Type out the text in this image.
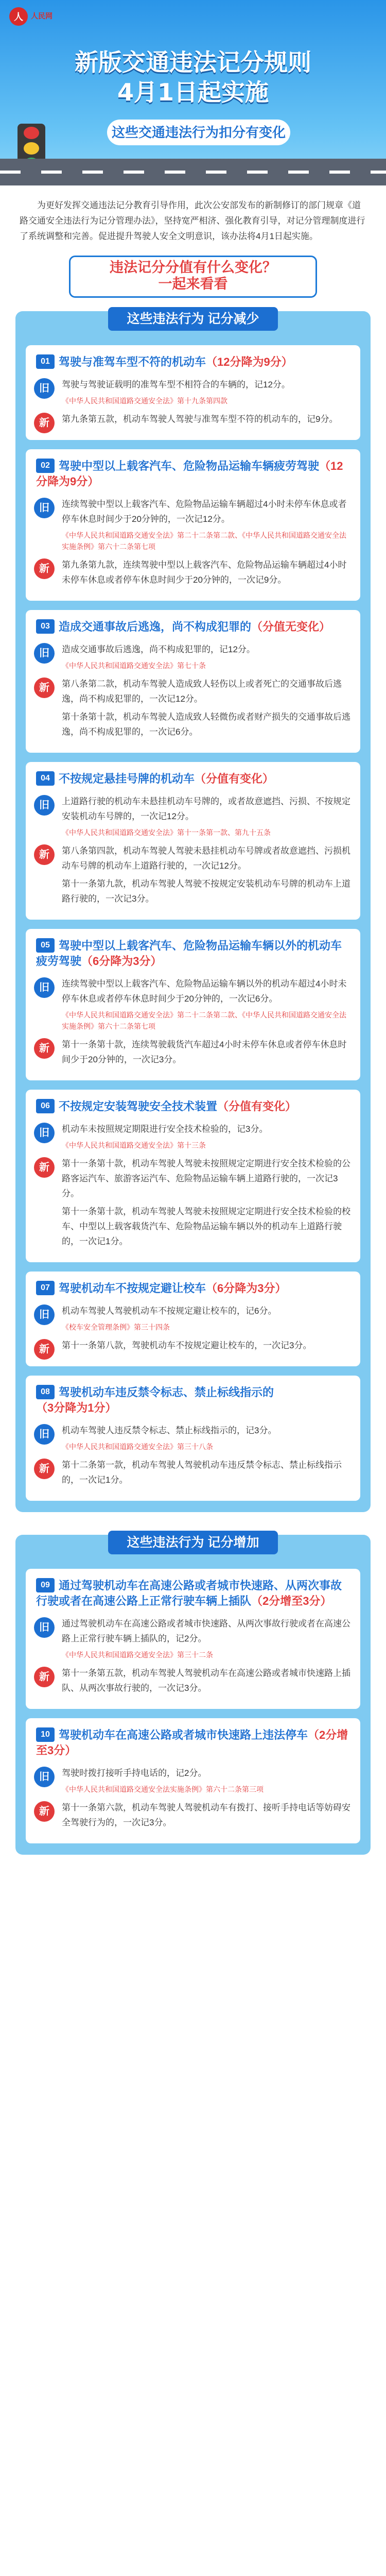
人	人民网
新版交通违法记分规则
4月1日起实施
这些交通违法行为扣分有变化
为更好发挥交通违法记分教育引导作用，此次公安部发布的新制修订的部门规章《道路交通安全违法行为记分管理办法》，坚持宽严相济、强化教育引导，对记分管理制度进行了系统调整和完善。促进提升驾驶人安全文明意识，该办法将4月1日起实施。
违法记分分值有什么变化？
一起来看看
这些违法行为 记分减少
01 驾驶与准驾车型不符的机动车（12分降为9分）
旧	驾驶与驾驶证载明的准驾车型不相符合的车辆的，记12分。

《中华人民共和国道路交通安全法》第十九条第四款

新	第九条第五款，机动车驾驶人驾驶与准驾车型不符的机动车的，记9分。

02 驾驶中型以上载客汽车、危险物品运输车辆疲劳驾驶（12分降为9分）
旧	连续驾驶中型以上载客汽车、危险物品运输车辆超过4小时未停车休息或者停车休息时间少于20分钟的，一次记12分。

《中华人民共和国道路交通安全法》第二十二条第二款、《中华人民共和国道路交通安全法实施条例》第六十二条第七项

新	第九条第九款，连续驾驶中型以上载客汽车、危险物品运输车辆超过4小时未停车休息或者停车休息时间少于20分钟的，一次记9分。

03 造成交通事故后逃逸，尚不构成犯罪的（分值无变化）
旧	造成交通事故后逃逸，尚不构成犯罪的，记12分。

《中华人民共和国道路交通安全法》第七十条

新	第八条第二款，机动车驾驶人造成致人轻伤以上或者死亡的交通事故后逃逸，尚不构成犯罪的，一次记12分。

第十条第十款，机动车驾驶人造成致人轻微伤或者财产损失的交通事故后逃逸，尚不构成犯罪的，一次记6分。

04 不按规定悬挂号牌的机动车（分值有变化）
旧	上道路行驶的机动车未悬挂机动车号牌的，或者故意遮挡、污损、不按规定安装机动车号牌的，一次记12分。

《中华人民共和国道路交通安全法》第十一条第一款、第九十五条

新	第八条第四款，机动车驾驶人驾驶未悬挂机动车号牌或者故意遮挡、污损机动车号牌的机动车上道路行驶的，一次记12分。

第十一条第九款，机动车驾驶人驾驶不按规定安装机动车号牌的机动车上道路行驶的，一次记3分。

05 驾驶中型以上载客汽车、危险物品运输车辆以外的机动车疲劳驾驶（6分降为3分）
旧	连续驾驶中型以上载客汽车、危险物品运输车辆以外的机动车超过4小时未停车休息或者停车休息时间少于20分钟的，一次记6分。

《中华人民共和国道路交通安全法》第二十二条第二款、《中华人民共和国道路交通安全法实施条例》第六十二条第七项

新	第十一条第十款，连续驾驶载货汽车超过4小时未停车休息或者停车休息时间少于20分钟的，一次记3分。

06 不按规定安装驾驶安全技术装置（分值有变化）
旧	机动车未按照规定期限进行安全技术检验的，记3分。

《中华人民共和国道路交通安全法》第十三条

新	第十一条第十款，机动车驾驶人驾驶未按照规定定期进行安全技术检验的公路客运汽车、旅游客运汽车、危险物品运输车辆上道路行驶的，一次记3分。

第十一条第十款，机动车驾驶人驾驶未按照规定定期进行安全技术检验的校车、中型以上载客载货汽车、危险物品运输车辆以外的机动车上道路行驶的，一次记1分。

07 驾驶机动车不按规定避让校车（6分降为3分）
旧	机动车驾驶人驾驶机动车不按规定避让校车的，记6分。

《校车安全管理条例》第三十四条

新	第十一条第八款，驾驶机动车不按规定避让校车的，一次记3分。

08 驾驶机动车违反禁令标志、禁止标线指示的（3分降为1分）
旧	机动车驾驶人违反禁令标志、禁止标线指示的，记3分。

《中华人民共和国道路交通安全法》第三十八条

新	第十二条第一款，机动车驾驶人驾驶机动车违反禁令标志、禁止标线指示的，一次记1分。

这些违法行为 记分增加
09 通过驾驶机动车在高速公路或者城市快速路、从两次事故行驶或者在高速公路上正常行驶车辆上插队（2分增至3分）
旧	通过驾驶机动车在高速公路或者城市快速路、从两次事故行驶或者在高速公路上正常行驶车辆上插队的，记2分。

《中华人民共和国道路交通安全法》第三十二条

新	第十一条第五款，机动车驾驶人驾驶机动车在高速公路或者城市快速路上插队、从两次事故行驶的，一次记3分。

10 驾驶机动车在高速公路或者城市快速路上违法停车（2分增至3分）
旧	驾驶时拨打接听手持电话的，记2分。

《中华人民共和国道路交通安全法实施条例》第六十二条第三项

新	第十一条第六款，机动车驾驶人驾驶机动车有拨打、接听手持电话等妨碍安全驾驶行为的，一次记3分。
